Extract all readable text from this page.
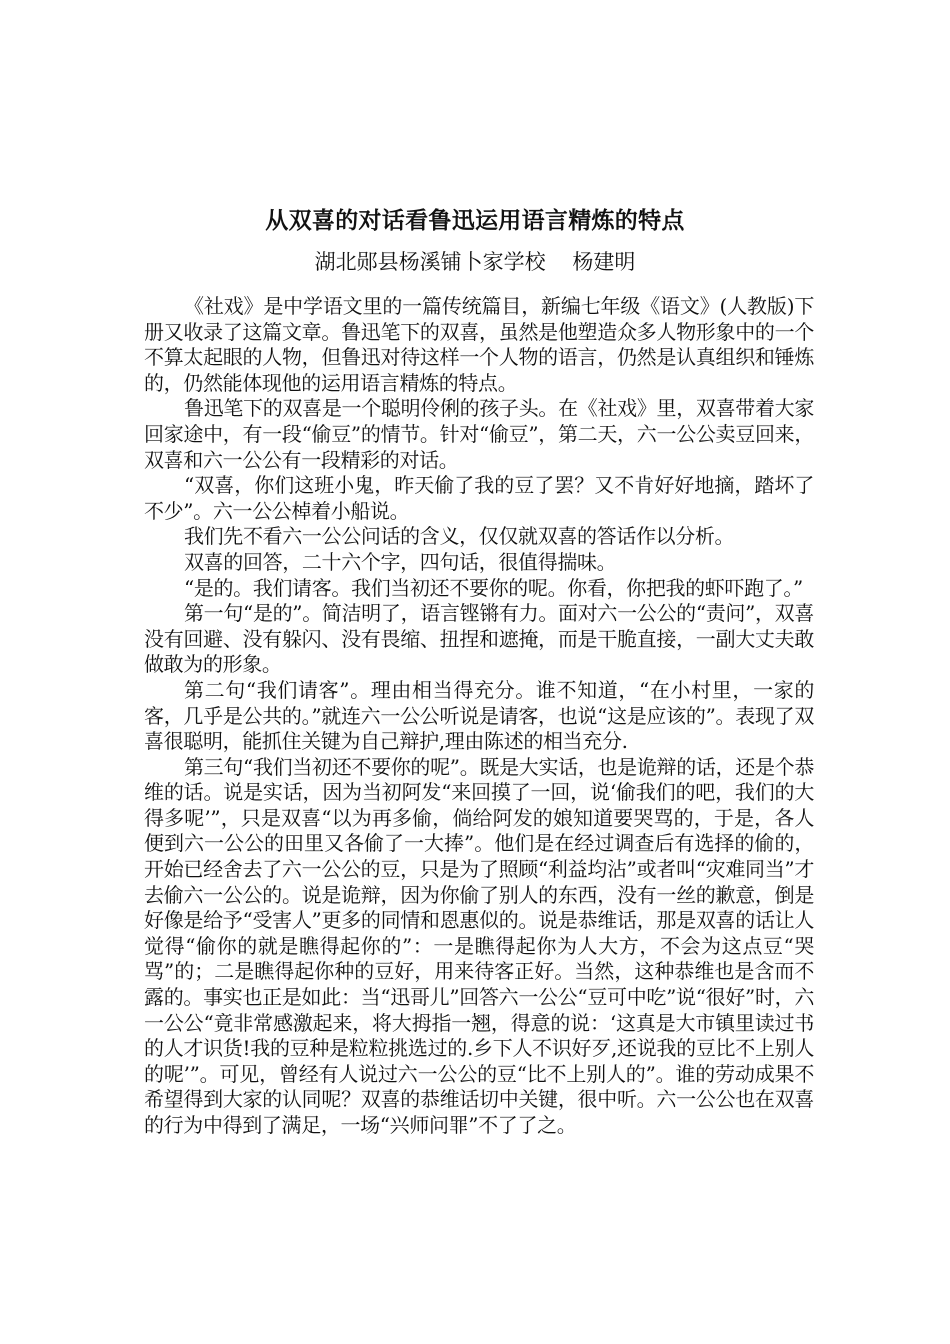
从双喜的对话看鲁迅运用语言精炼的特点

湖北郧县杨溪铺卜家学校    杨建明

《社戏》是中学语文里的一篇传统篇目，新编七年级《语文》(人教版)下册又收录了这篇文章。鲁迅笔下的双喜，虽然是他塑造众多人物形象中的一个不算太起眼的人物，但鲁迅对待这样一个人物的语言，仍然是认真组织和锤炼的，仍然能体现他的运用语言精炼的特点。

鲁迅笔下的双喜是一个聪明伶俐的孩子头。在《社戏》里，双喜带着大家回家途中，有一段“偷豆”的情节。针对“偷豆”，第二天，六一公公卖豆回来，双喜和六一公公有一段精彩的对话。

“双喜，你们这班小鬼，昨天偷了我的豆了罢？又不肯好好地摘，踏坏了不少”。六一公公棹着小船说。

我们先不看六一公公问话的含义，仅仅就双喜的答话作以分析。

双喜的回答，二十六个字，四句话，很值得揣味。

“是的。我们请客。我们当初还不要你的呢。你看，你把我的虾吓跑了。”

第一句“是的”。简洁明了，语言铿锵有力。面对六一公公的“责问”，双喜没有回避、没有躲闪、没有畏缩、扭捏和遮掩，而是干脆直接，一副大丈夫敢做敢为的形象。

第二句“我们请客”。理由相当得充分。谁不知道，“在小村里，一家的客，几乎是公共的。”就连六一公公听说是请客，也说“这是应该的”。表现了双喜很聪明，能抓住关键为自己辩护,理由陈述的相当充分.

第三句“我们当初还不要你的呢”。既是大实话，也是诡辩的话，还是个恭维的话。说是实话，因为当初阿发“来回摸了一回，说‘偷我们的吧，我们的大得多呢’”，只是双喜“以为再多偷，倘给阿发的娘知道要哭骂的，于是，各人便到六一公公的田里又各偷了一大捧”。他们是在经过调查后有选择的偷的，开始已经舍去了六一公公的豆，只是为了照顾“利益均沾”或者叫“灾难同当”才去偷六一公公的。说是诡辩，因为你偷了别人的东西，没有一丝的歉意，倒是好像是给予“受害人”更多的同情和恩惠似的。说是恭维话，那是双喜的话让人觉得“偷你的就是瞧得起你的”：一是瞧得起你为人大方，不会为这点豆“哭骂”的；二是瞧得起你种的豆好，用来待客正好。当然，这种恭维也是含而不露的。事实也正是如此：当“迅哥儿”回答六一公公“豆可中吃”说“很好”时，六一公公“竟非常感激起来，将大拇指一翘，得意的说：‘这真是大市镇里读过书的人才识货!我的豆种是粒粒挑选过的.乡下人不识好歹,还说我的豆比不上别人的呢’”。可见，曾经有人说过六一公公的豆“比不上别人的”。谁的劳动成果不希望得到大家的认同呢？双喜的恭维话切中关键，很中听。六一公公也在双喜的行为中得到了满足，一场“兴师问罪”不了了之。
